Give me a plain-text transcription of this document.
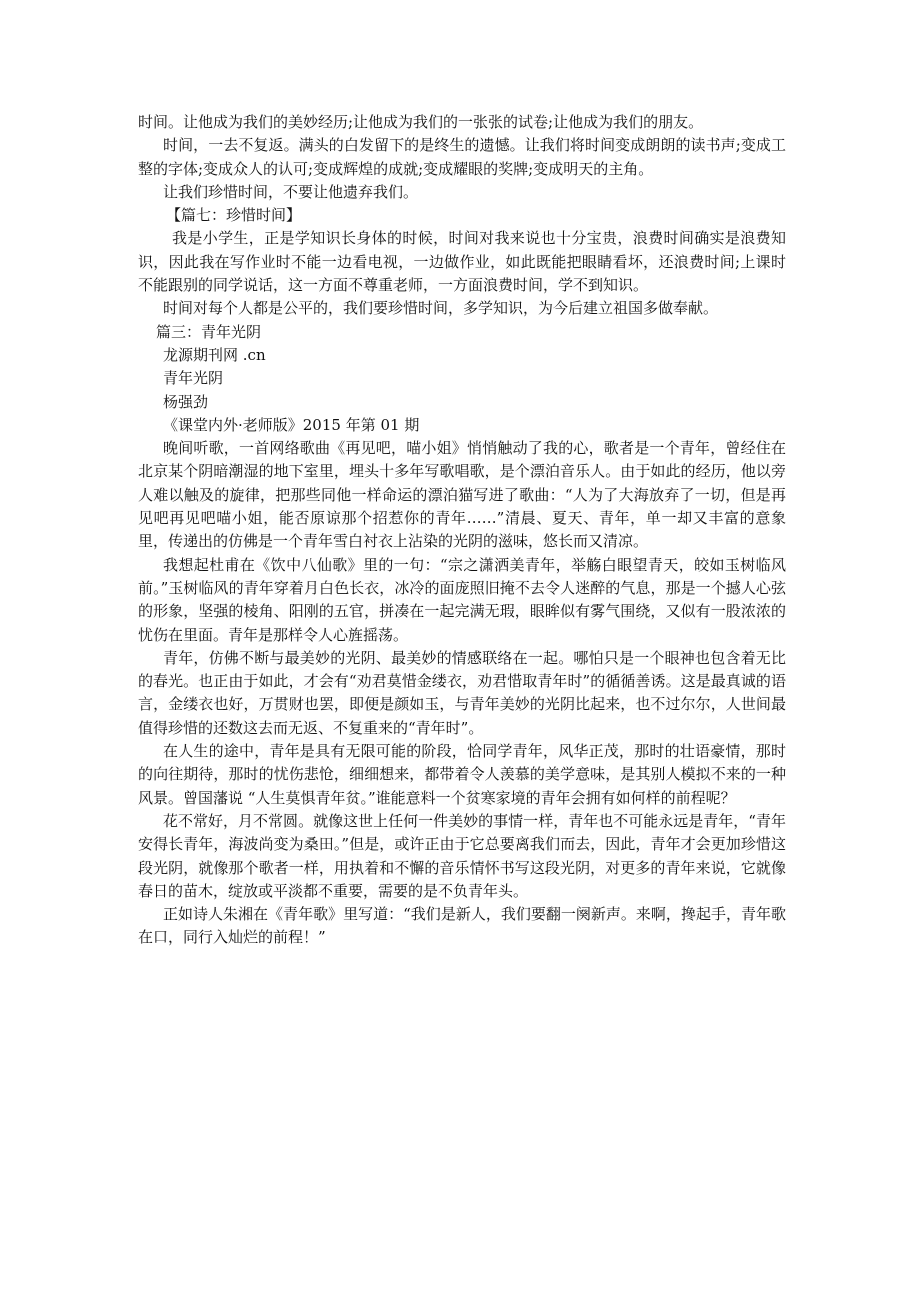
时间。让他成为我们的美妙经历;让他成为我们的一张张的试卷;让他成为我们的朋友。

时间，一去不复返。满头的白发留下的是终生的遗憾。让我们将时间变成朗朗的读书声;变成工整的字体;变成众人的认可;变成辉煌的成就;变成耀眼的奖牌;变成明天的主角。

让我们珍惜时间，不要让他遗弃我们。

【篇七：珍惜时间】

我是小学生，正是学知识长身体的时候，时间对我来说也十分宝贵，浪费时间确实是浪费知识，因此我在写作业时不能一边看电视，一边做作业，如此既能把眼睛看坏，还浪费时间;上课时不能跟别的同学说话，这一方面不尊重老师，一方面浪费时间，学不到知识。

时间对每个人都是公平的，我们要珍惜时间，多学知识，为今后建立祖国多做奉献。

篇三：青年光阴

龙源期刊网 .cn

青年光阴

杨强劲

《课堂内外·老师版》2015 年第 01 期

晚间听歌，一首网络歌曲《再见吧，喵小姐》悄悄触动了我的心，歌者是一个青年，曾经住在北京某个阴暗潮湿的地下室里，埋头十多年写歌唱歌，是个漂泊音乐人。由于如此的经历，他以旁人难以触及的旋律，把那些同他一样命运的漂泊猫写进了歌曲：“人为了大海放弃了一切，但是再见吧再见吧喵小姐，能否原谅那个招惹你的青年……”清晨、夏天、青年，单一却又丰富的意象里，传递出的仿佛是一个青年雪白衬衣上沾染的光阴的滋味，悠长而又清凉。

我想起杜甫在《饮中八仙歌》里的一句：“宗之潇洒美青年，举觞白眼望青天，皎如玉树临风前。”玉树临风的青年穿着月白色长衣，冰冷的面庞照旧掩不去令人迷醉的气息，那是一个撼人心弦的形象，坚强的棱角、阳刚的五官，拼凑在一起完满无瑕，眼眸似有雾气围绕，又似有一股浓浓的忧伤在里面。青年是那样令人心旌摇荡。

青年，仿佛不断与最美妙的光阴、最美妙的情感联络在一起。哪怕只是一个眼神也包含着无比的春光。也正由于如此，才会有“劝君莫惜金缕衣，劝君惜取青年时”的循循善诱。这是最真诚的语言，金缕衣也好，万贯财也罢，即便是颜如玉，与青年美妙的光阴比起来，也不过尔尔，人世间最值得珍惜的还数这去而无返、不复重来的“青年时”。

在人生的途中，青年是具有无限可能的阶段，恰同学青年，风华正茂，那时的壮语豪情，那时的向往期待，那时的忧伤悲怆，细细想来，都带着令人羡慕的美学意味，是其别人模拟不来的一种风景。曾国藩说 “人生莫惧青年贫。”谁能意料一个贫寒家境的青年会拥有如何样的前程呢？

花不常好，月不常圆。就像这世上任何一件美妙的事情一样，青年也不可能永远是青年，“青年安得长青年，海波尚变为桑田。”但是，或许正由于它总要离我们而去，因此，青年才会更加珍惜这段光阴，就像那个歌者一样，用执着和不懈的音乐情怀书写这段光阴，对更多的青年来说，它就像春日的苗木，绽放或平淡都不重要，需要的是不负青年头。

正如诗人朱湘在《青年歌》里写道：“我们是新人，我们要翻一阕新声。来啊，搀起手，青年歌在口，同行入灿烂的前程！”
